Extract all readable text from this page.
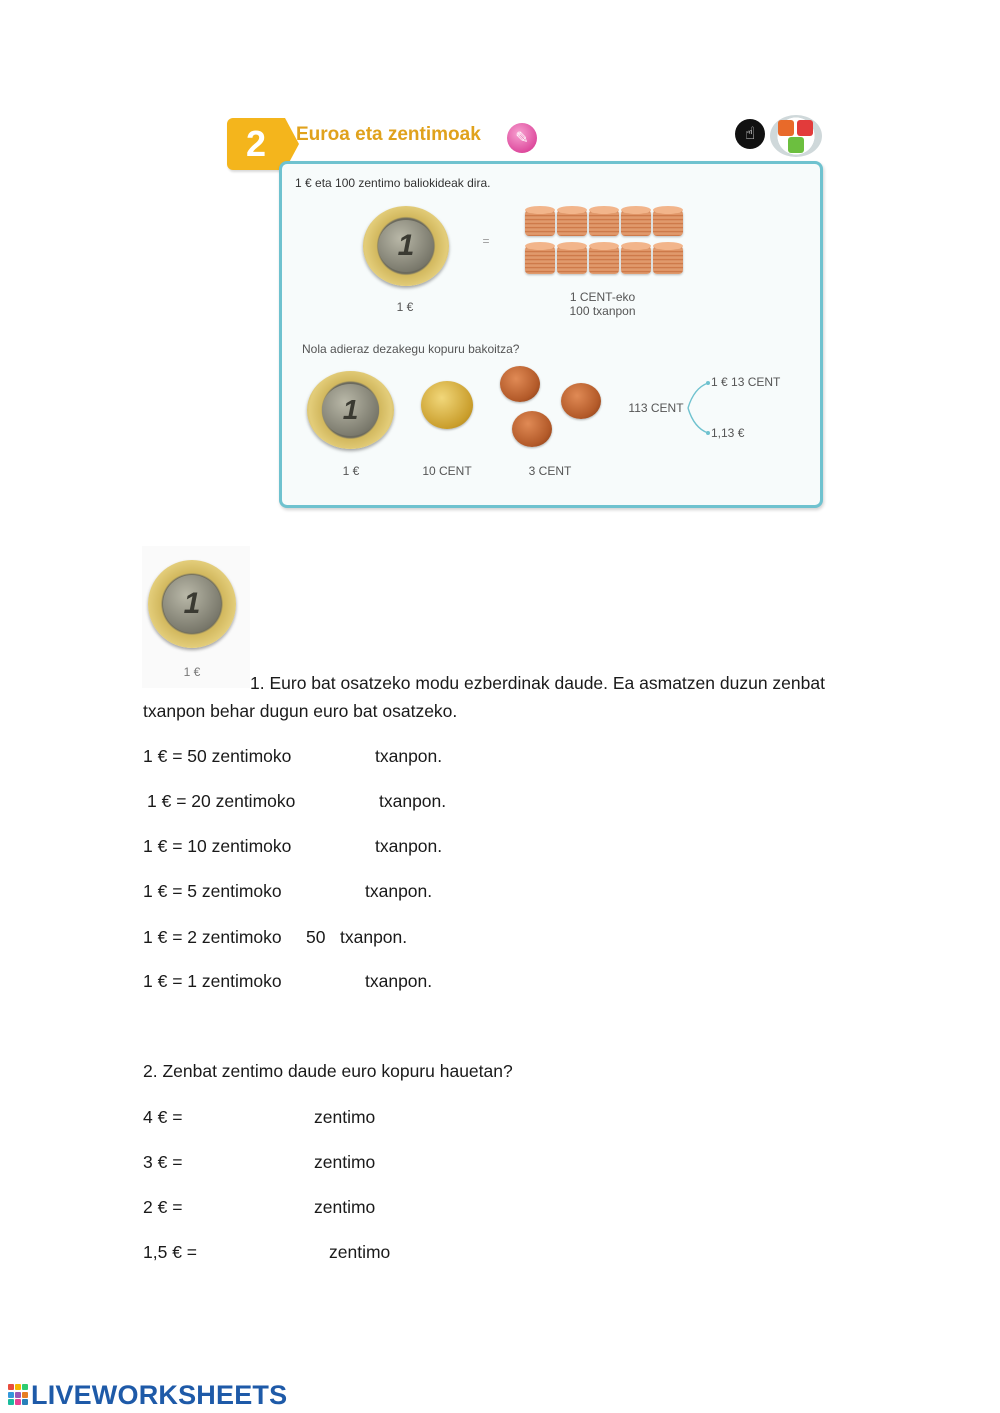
2 Euroa eta zentimoak	✎	☝
1 € eta 100 zentimo baliokideak dira.
1
1 €
=
1 CENT-eko
100 txanpon
Nola adieraz dezakegu kopuru bakoitza?
1
1 €	10 CENT	3 CENT
113 CENT
1 € 13 CENT
1,13 €
1
1 €
1. Euro bat osatzeko modu ezberdinak daude. Ea asmatzen duzun zenbat
txanpon behar dugun euro bat osatzeko.
1 € = 50 zentimoko	txanpon.
1 € = 20 zentimoko	txanpon.
1 € = 10 zentimoko	txanpon.
1 € = 5 zentimoko	txanpon.
1 € = 2 zentimoko 50 txanpon.
1 € = 1 zentimoko	txanpon.
2. Zenbat zentimo daude euro kopuru hauetan?
4 € =	zentimo
3 € =	zentimo
2 € =	zentimo
1,5 € =	zentimo
LIVEWORKSHEETS
